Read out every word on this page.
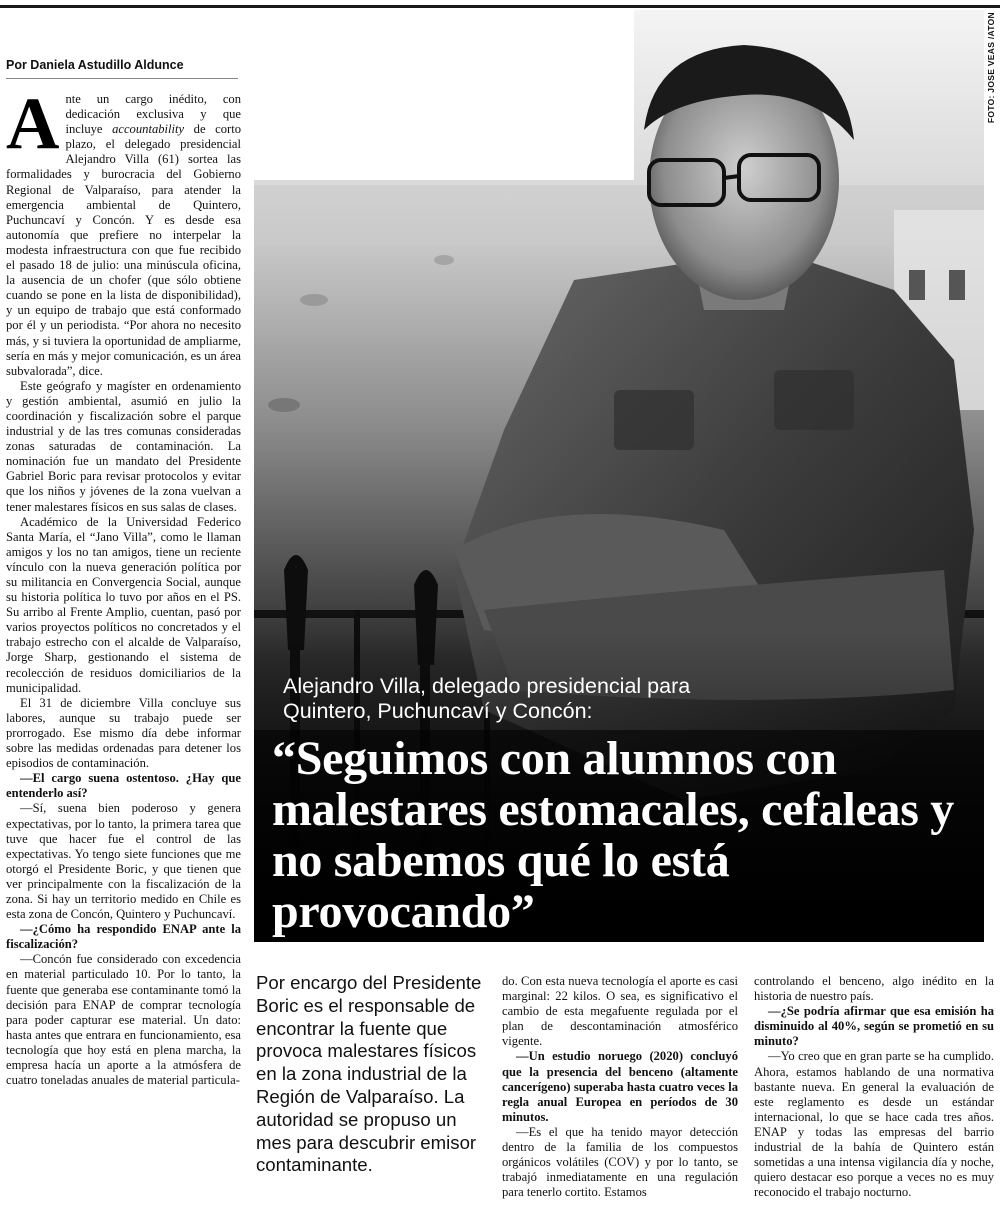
Por Daniela Astudillo Aldunce	FOTO: JOSE VEAS /ATON

Ante un cargo inédito, con dedicación exclusiva y que incluye accountability de corto plazo, el delegado presidencial Alejandro Villa (61) sortea las formalidades y burocracia del Gobierno Regional de Valparaíso, para atender la emergencia ambiental de Quintero, Puchuncaví y Concón. Y es desde esa autonomía que prefiere no interpelar la modesta infraestructura con que fue recibido el pasado 18 de julio: una minúscula oficina, la ausencia de un chofer (que sólo obtiene cuando se pone en la lista de disponibilidad), y un equipo de trabajo que está conformado por él y un periodista. “Por ahora no necesito más, y si tuviera la oportunidad de ampliarme, sería en más y mejor comunicación, es un área subvalorada”, dice.

Este geógrafo y magíster en ordenamiento y gestión ambiental, asumió en julio la coordinación y fiscalización sobre el parque industrial y de las tres comunas consideradas zonas saturadas de contaminación. La nominación fue un mandato del Presidente Gabriel Boric para revisar protocolos y evitar que los niños y jóvenes de la zona vuelvan a tener malestares físicos en sus salas de clases.

Académico de la Universidad Federico Santa María, el “Jano Villa”, como le llaman amigos y los no tan amigos, tiene un reciente vínculo con la nueva generación política por su militancia en Convergencia Social, aunque su historia política lo tuvo por años en el PS. Su arribo al Frente Amplio, cuentan, pasó por varios proyectos políticos no concretados y el trabajo estrecho con el alcalde de Valparaíso, Jorge Sharp, gestionando el sistema de recolección de residuos domiciliarios de la municipalidad.

El 31 de diciembre Villa concluye sus labores, aunque su trabajo puede ser prorrogado. Ese mismo día debe informar sobre las medidas ordenadas para detener los episodios de contaminación.

—El cargo suena ostentoso. ¿Hay que entenderlo así?

—Sí, suena bien poderoso y genera expectativas, por lo tanto, la primera tarea que tuve que hacer fue el control de las expectativas. Yo tengo siete funciones que me otorgó el Presidente Boric, y que tienen que ver principalmente con la fiscalización de la zona. Si hay un territorio medido en Chile es esta zona de Concón, Quintero y Puchuncaví.

—¿Cómo ha respondido ENAP ante la fiscalización?

—Concón fue considerado con excedencia en material particulado 10. Por lo tanto, la fuente que generaba ese contaminante tomó la decisión para ENAP de comprar tecnología para poder capturar ese material. Un dato: hasta antes que entrara en funcionamiento, esa tecnología que hoy está en plena marcha, la empresa hacía un aporte a la atmósfera de cuatro toneladas anuales de material particula-

Alejandro Villa, delegado presidencial para Quintero, Puchuncaví y Concón:

“Seguimos con alumnos con malestares estomacales, cefaleas y no sabemos qué lo está provocando”
Por encargo del Presidente Boric es el responsable de encontrar la fuente que provoca malestares físicos en la zona industrial de la Región de Valparaíso. La autoridad se propuso un mes para descubrir emisor contaminante.

do. Con esta nueva tecnología el aporte es casi marginal: 22 kilos. O sea, es significativo el cambio de esta megafuente regulada por el plan de descontaminación atmosférico vigente.

—Un estudio noruego (2020) concluyó que la presencia del benceno (altamente cancerígeno) superaba hasta cuatro veces la regla anual Europea en períodos de 30 minutos.

—Es el que ha tenido mayor detección dentro de la familia de los compuestos orgánicos volátiles (COV) y por lo tanto, se trabajó inmediatamente en una regulación para tenerlo cortito. Estamos

controlando el benceno, algo inédito en la historia de nuestro país.

—¿Se podría afirmar que esa emisión ha disminuido al 40%, según se prometió en su minuto?

—Yo creo que en gran parte se ha cumplido. Ahora, estamos hablando de una normativa bastante nueva. En general la evaluación de este reglamento es desde un estándar internacional, lo que se hace cada tres años. ENAP y todas las empresas del barrio industrial de la bahía de Quintero están sometidas a una intensa vigilancia día y noche, quiero destacar eso porque a veces no es muy reconocido el trabajo nocturno.
